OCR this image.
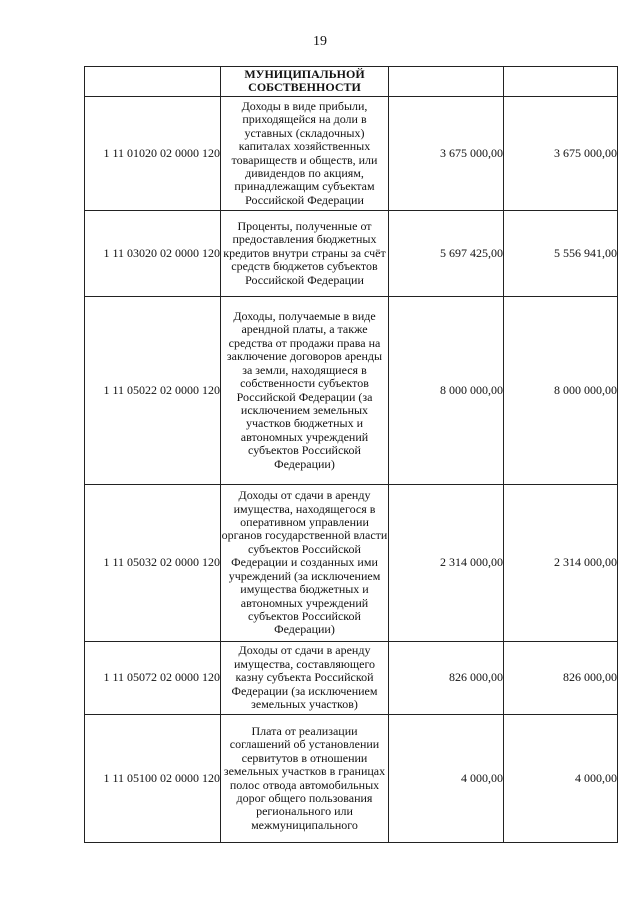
19

	МУНИЦИПАЛЬНОЙ СОБСТВЕННОСТИ		

1 11 01020 02 0000 120	Доходы в виде прибыли, приходящейся на доли в уставных (складочных) капиталах хозяйственных товариществ и обществ, или дивидендов по акциям, принадлежащим субъектам Российской Федерации	3 675 000,00	3 675 000,00
1 11 03020 02 0000 120	Проценты, полученные от предоставления бюджетных кредитов внутри страны за счёт средств бюджетов субъектов Российской Федерации	5 697 425,00	5 556 941,00
1 11 05022 02 0000 120	Доходы, получаемые в виде арендной платы, а также средства от продажи права на заключение договоров аренды за земли, находящиеся в собственности субъектов Российской Федерации (за исключением земельных участков бюджетных и автономных учреждений субъектов Российской Федерации)	8 000 000,00	8 000 000,00
1 11 05032 02 0000 120	Доходы от сдачи в аренду имущества, находящегося в оперативном управлении органов государственной власти субъектов Российской Федерации и созданных ими учреждений (за исключением имущества бюджетных и автономных учреждений субъектов Российской Федерации)	2 314 000,00	2 314 000,00
1 11 05072 02 0000 120	Доходы от сдачи в аренду имущества, составляющего казну субъекта Российской Федерации (за исключением земельных участков)	826 000,00	826 000,00
1 11 05100 02 0000 120	Плата от реализации соглашений об установлении сервитутов в отношении земельных участков в границах полос отвода автомобильных дорог общего пользования регионального или межмуниципального	4 000,00	4 000,00
